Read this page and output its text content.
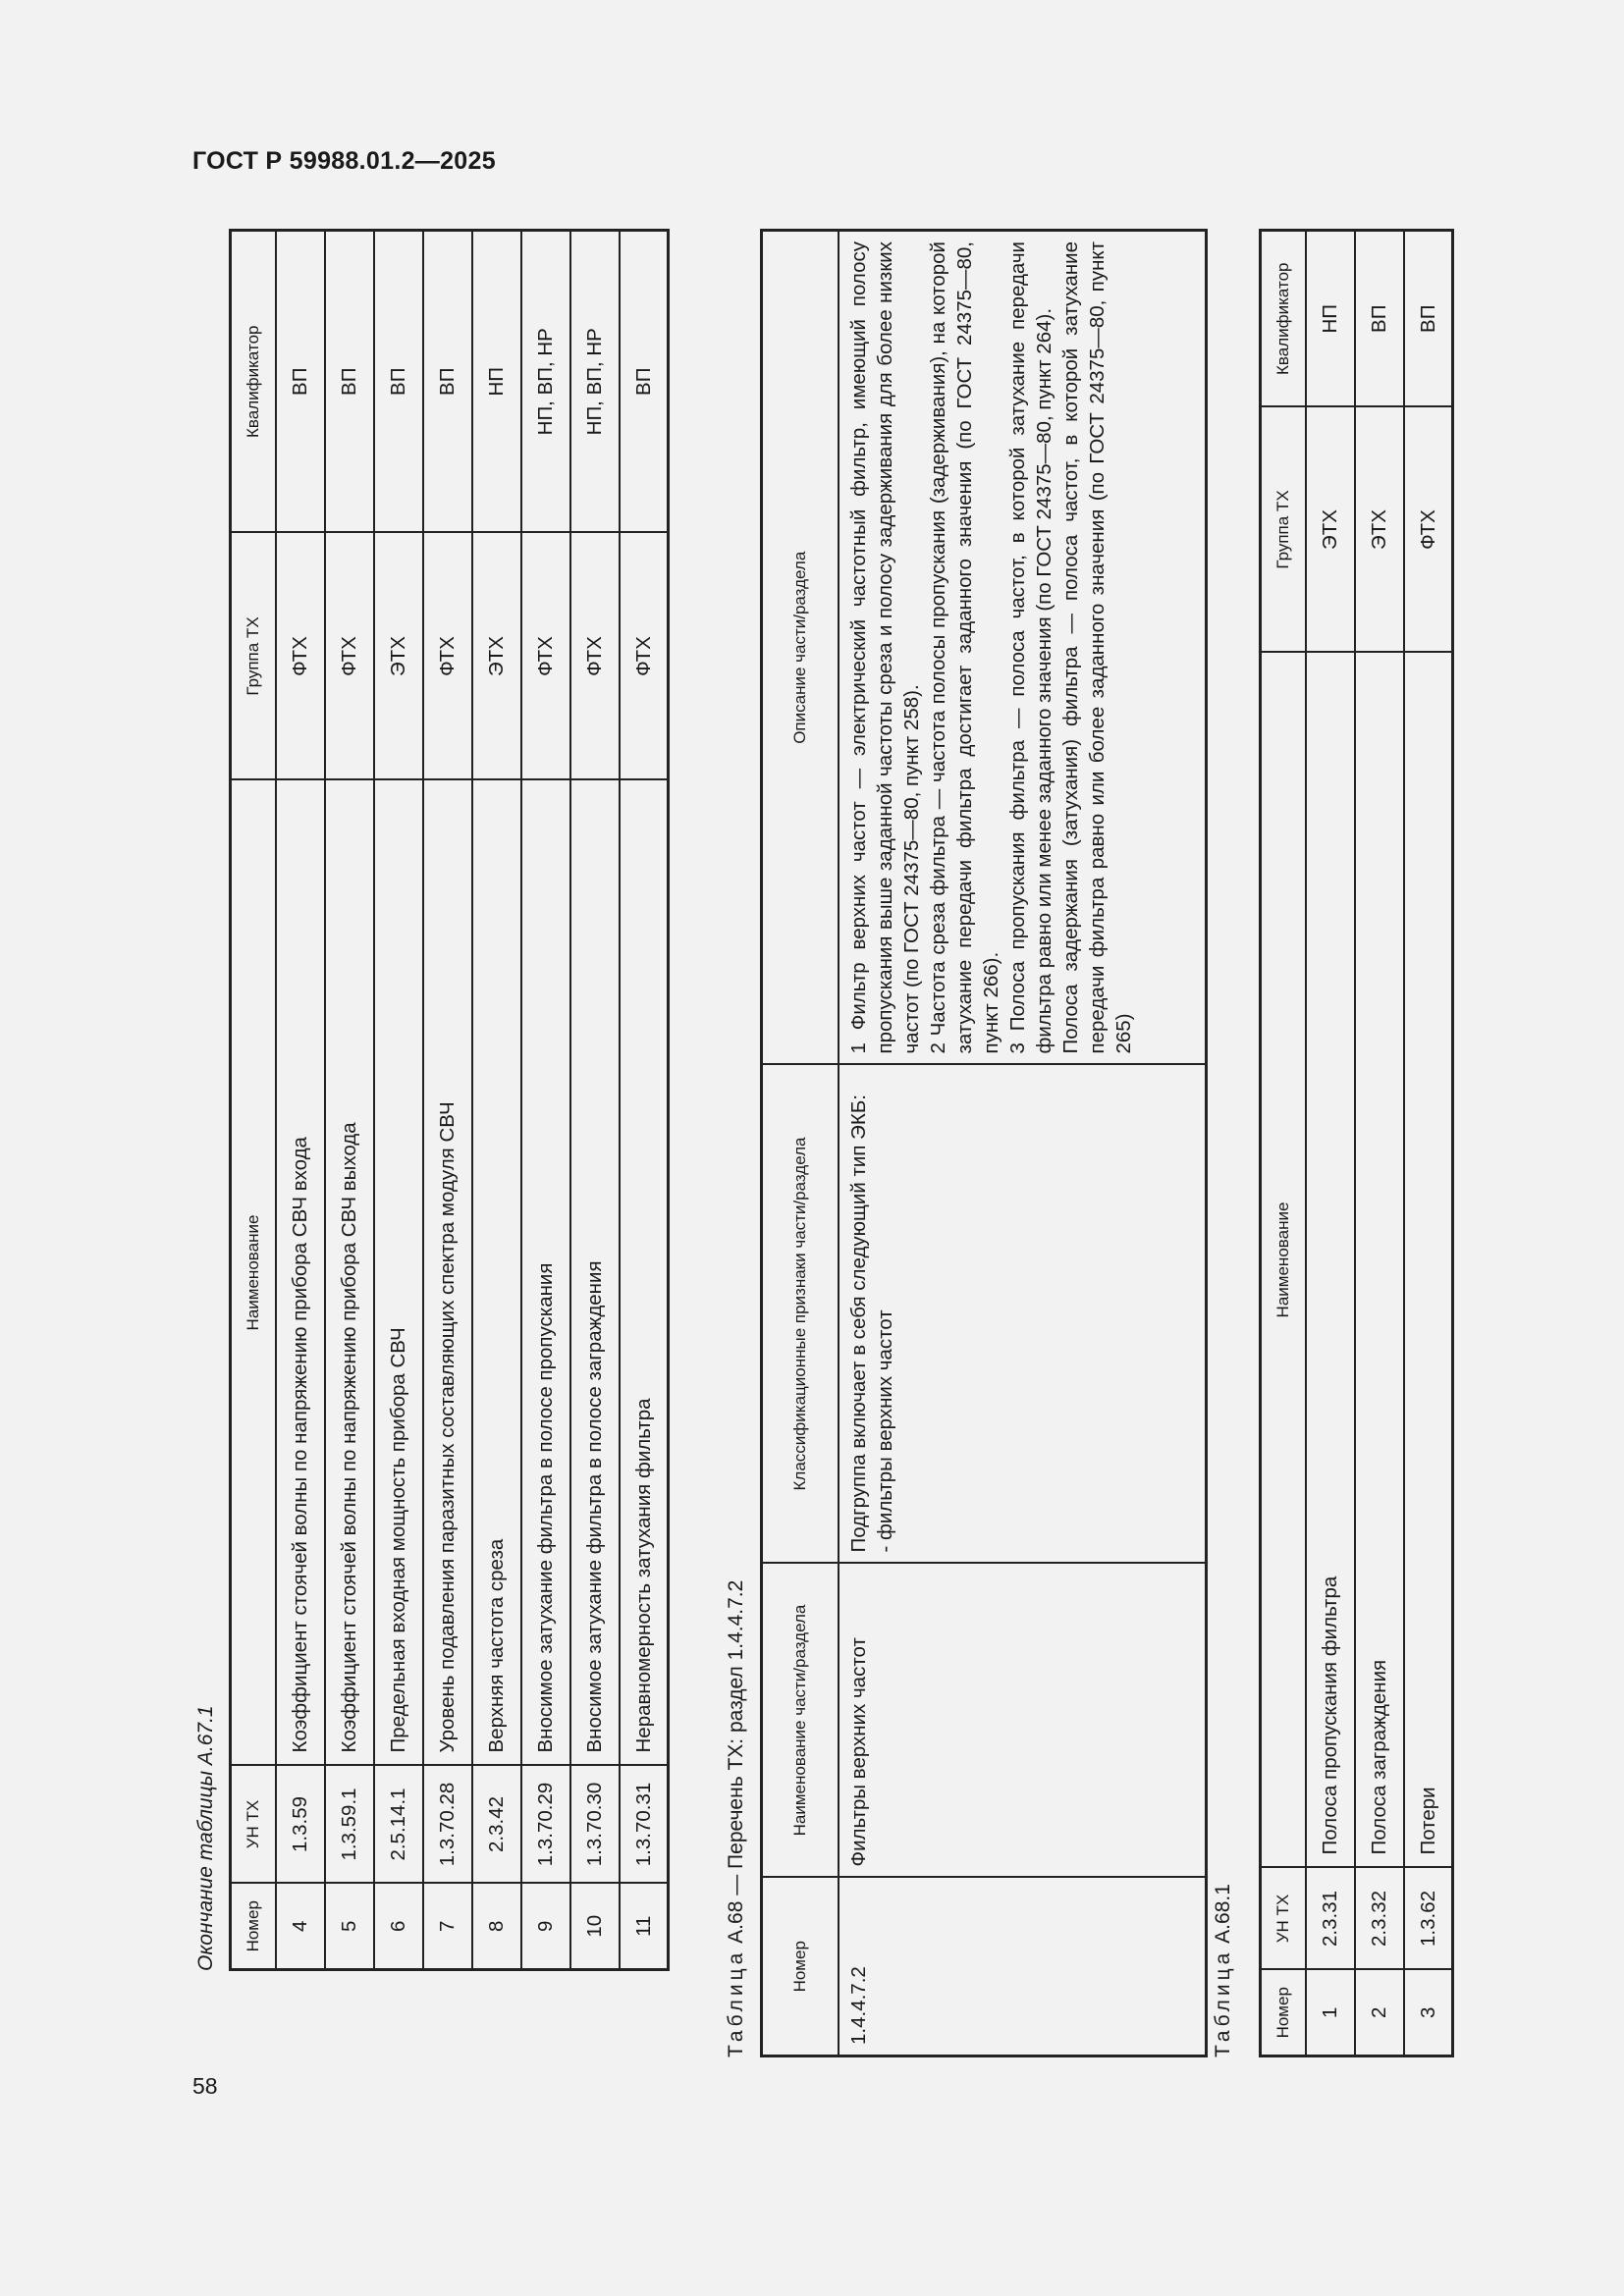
ГОСТ Р 59988.01.2—2025
58
Окончание таблицы А.67.1 Номер	УН ТХ	Наименование	Группа ТХ	Квалификатор
4	1.3.59	Коэффициент стоячей волны по напряжению прибора СВЧ входа	ФТХ	ВП
5	1.3.59.1	Коэффициент стоячей волны по напряжению прибора СВЧ выхода	ФТХ	ВП
6	2.5.14.1	Предельная входная мощность прибора СВЧ	ЭТХ	ВП
7	1.3.70.28	Уровень подавления паразитных составляющих спектра модуля СВЧ	ФТХ	ВП
8	2.3.42	Верхняя частота среза	ЭТХ	НП
9	1.3.70.29	Вносимое затухание фильтра в полосе пропускания	ФТХ	НП, ВП, НР
10	1.3.70.30	Вносимое затухание фильтра в полосе заграждения	ФТХ	НП, ВП, НР
11	1.3.70.31	Неравномерность затухания фильтра	ФТХ	ВП
Таблица А.68 — Перечень ТХ: раздел 1.4.4.7.2
Номер	Наименование части/раздела	Классификационные признаки части/раздела	Описание части/раздела
1.4.4.7.2	Фильтры верхних частот	Подгруппа включает в себя следующий тип ЭКБ: - фильтры верхних частот	1 Фильтр верхних частот — электрический частотный фильтр, имеющий полосу пропускания выше заданной частоты среза и полосу задерживания для более низких частот (по ГОСТ 24375—80, пункт 258). 2 Частота среза фильтра — частота полосы пропускания (задерживания), на которой затухание передачи фильтра достигает заданного значения (по ГОСТ 24375—80, пункт 266). 3 Полоса пропускания фильтра — полоса частот, в которой затухание передачи фильтра равно или менее заданного значения (по ГОСТ 24375—80, пункт 264). Полоса задержания (затухания) фильтра — полоса частот, в которой затухание передачи фильтра равно или более заданного значения (по ГОСТ 24375—80, пункт 265)
Таблица А.68.1
Номер	УН ТХ	Наименование	Группа ТХ	Квалификатор
1	2.3.31	Полоса пропускания фильтра	ЭТХ	НП
2	2.3.32	Полоса заграждения	ЭТХ	ВП
3	1.3.62	Потери	ФТХ	ВП
